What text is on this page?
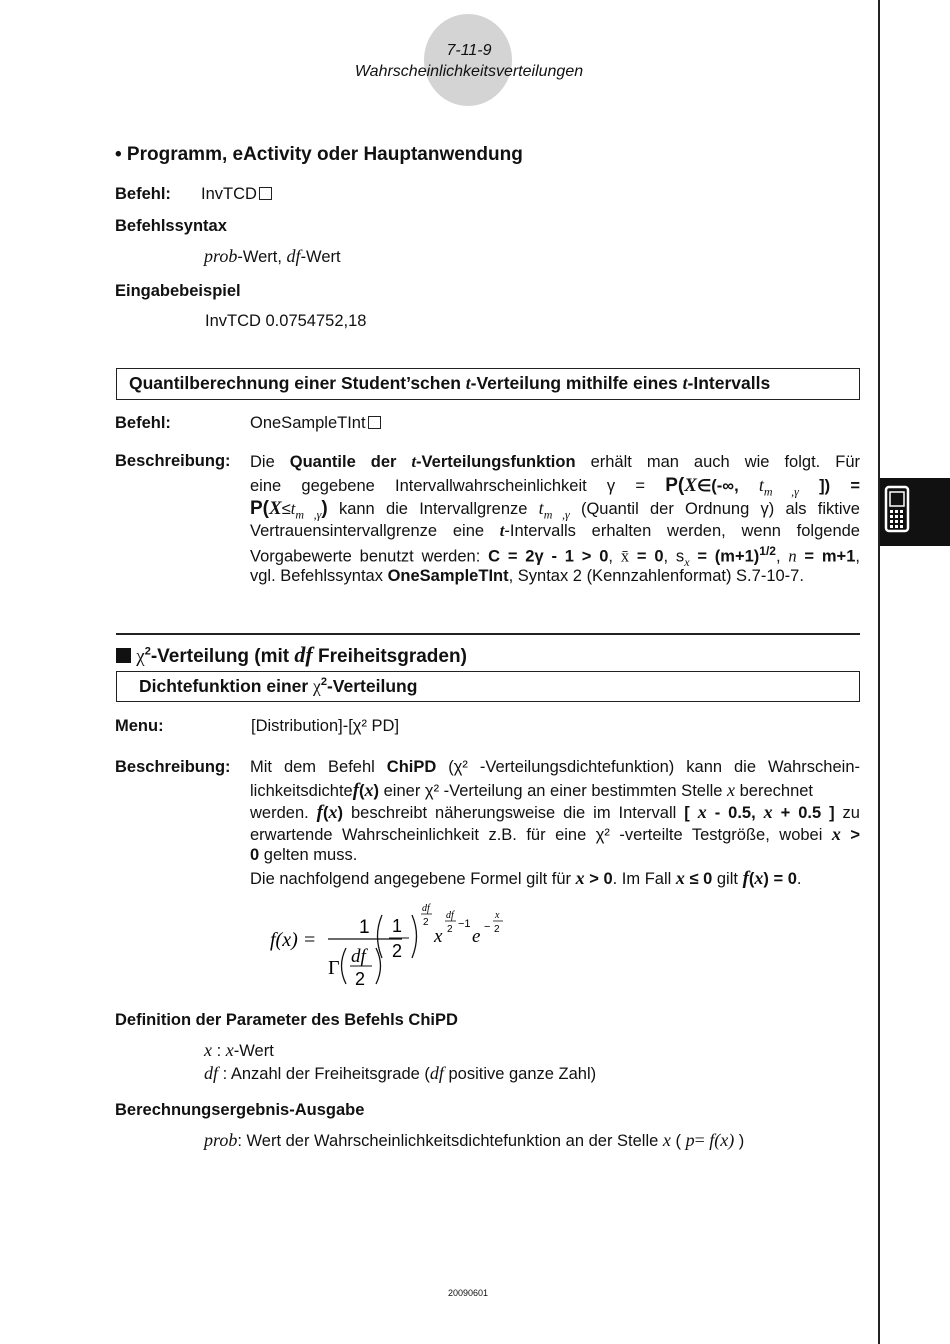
7-11-9
Wahrscheinlichkeitsverteilungen
• Programm, eActivity oder Hauptanwendung
Befehl: InvTCD
Befehlssyntax
prob-Wert, df-Wert
Eingabebeispiel
InvTCD 0.0754752,18
Quantilberechnung einer Student’schen t-Verteilung mithilfe eines t-Intervalls
Befehl:	OneSampleTInt
Beschreibung: Die Quantile der t-Verteilungsfunktion erhält man auch wie folgt. Für
eine gegebene Intervallwahrscheinlichkeit γ = P(X∈(-∞, $t_{m ,\gamma}$ ]) =
$P(X\le t_{m ,\gamma})$ kann die Intervallgrenze $t_{m ,\gamma}$ (Quantil der Ordnung γ) als fiktive
Vertrauensintervallgrenze eine t-Intervalls erhalten werden, wenn folgende
Vorgabewerte benutzt werden: C = 2γ - 1 > 0, x̄ = 0, $s_x = (m+1)^{1/2}$, n = m+1,
vgl. Befehlssyntax OneSampleTInt, Syntax 2 (Kennzahlenformat) S.7-10-7.
$\chi^2$-Verteilung (mit df Freiheitsgraden)
Dichtefunktion einer $\chi^2$-Verteilung
Menu:	[Distribution]-[χ² PD]
Beschreibung: Mit dem Befehl ChiPD (χ² -Verteilungsdichtefunktion) kann die Wahrschein-
lichkeitsdichtef(x) einer χ² -Verteilung an einer bestimmten Stelle x berechnet
werden. f(x) beschreibt näherungsweise die im Intervall [ x - 0.5, x + 0.5 ] zu
erwartende Wahrscheinlichkeit z.B. für eine χ² -verteilte Testgröße, wobei x >
0 gelten muss.
Die nachfolgend angegebene Formel gilt für x > 0. Im Fall x ≤ 0 gilt f(x) = 0.
f(x) =
1
Γ
df
2
1
2
df
2
x
df
2 −1
e −
x
2
Definition der Parameter des Befehls ChiPD
x : x-Wert
df : Anzahl der Freiheitsgrade (df positive ganze Zahl)
Berechnungsergebnis-Ausgabe
prob: Wert der Wahrscheinlichkeitsdichtefunktion an der Stelle x ( p= f(x) )
20090601
